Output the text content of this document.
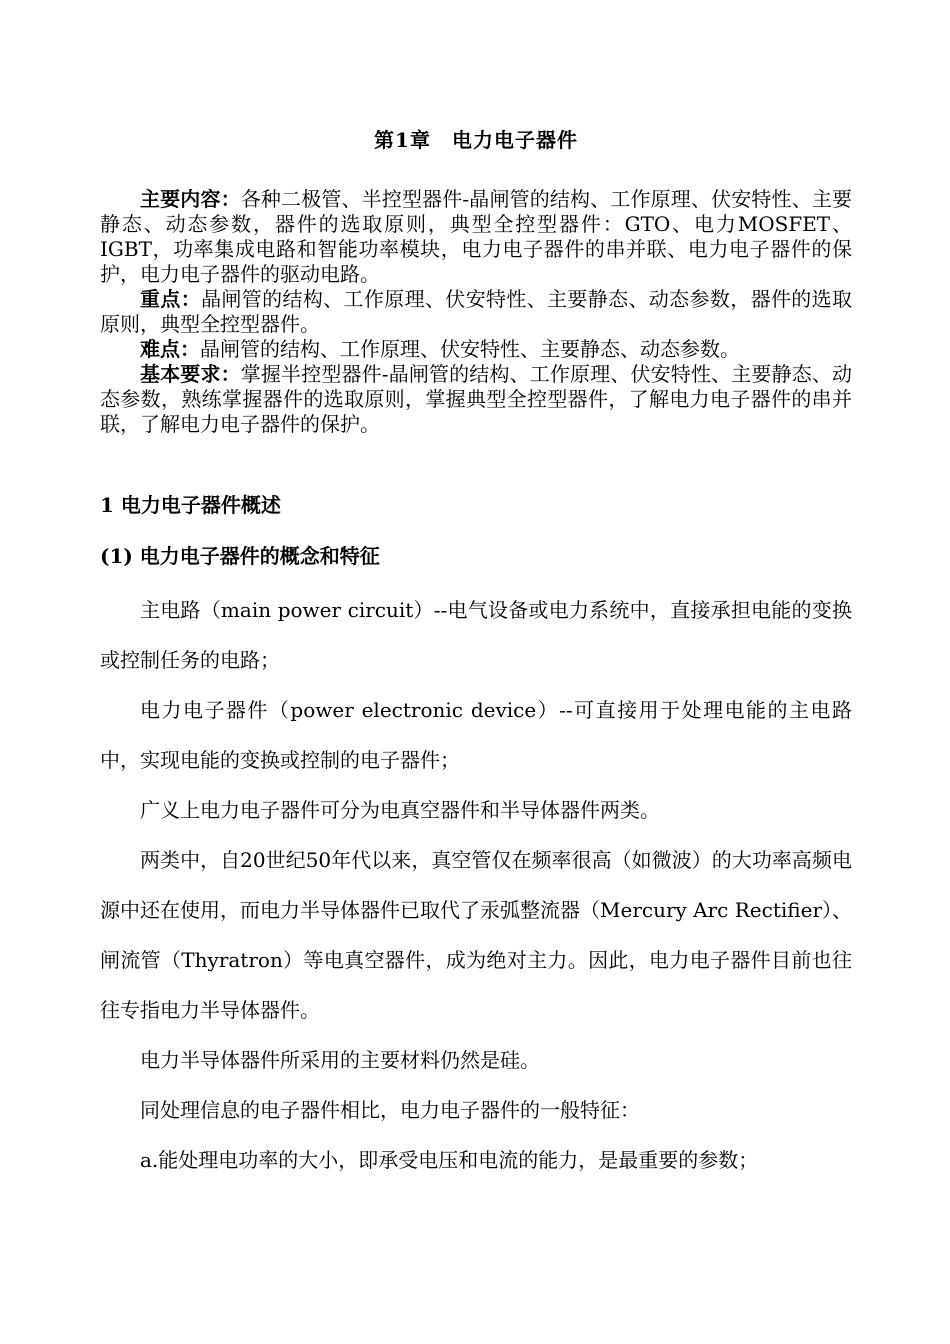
第1章　电力电子器件

主要内容：各种二极管、半控型器件-晶闸管的结构、工作原理、伏安特性、主要静态、动态参数，器件的选取原则，典型全控型器件：GTO、电力MOSFET、IGBT，功率集成电路和智能功率模块，电力电子器件的串并联、电力电子器件的保护，电力电子器件的驱动电路。

重点：晶闸管的结构、工作原理、伏安特性、主要静态、动态参数，器件的选取原则，典型全控型器件。

难点：晶闸管的结构、工作原理、伏安特性、主要静态、动态参数。

基本要求：掌握半控型器件-晶闸管的结构、工作原理、伏安特性、主要静态、动态参数，熟练掌握器件的选取原则，掌握典型全控型器件，了解电力电子器件的串并联，了解电力电子器件的保护。

1 电力电子器件概述
(1) 电力电子器件的概念和特征

主电路（main power circuit）--电气设备或电力系统中，直接承担电能的变换或控制任务的电路；

电力电子器件（power electronic device）--可直接用于处理电能的主电路中，实现电能的变换或控制的电子器件；

广义上电力电子器件可分为电真空器件和半导体器件两类。

两类中，自20世纪50年代以来，真空管仅在频率很高（如微波）的大功率高频电源中还在使用，而电力半导体器件已取代了汞弧整流器（Mercury Arc Rectifier）、闸流管（Thyratron）等电真空器件，成为绝对主力。因此，电力电子器件目前也往往专指电力半导体器件。

电力半导体器件所采用的主要材料仍然是硅。

同处理信息的电子器件相比，电力电子器件的一般特征：

a.能处理电功率的大小，即承受电压和电流的能力，是最重要的参数；
